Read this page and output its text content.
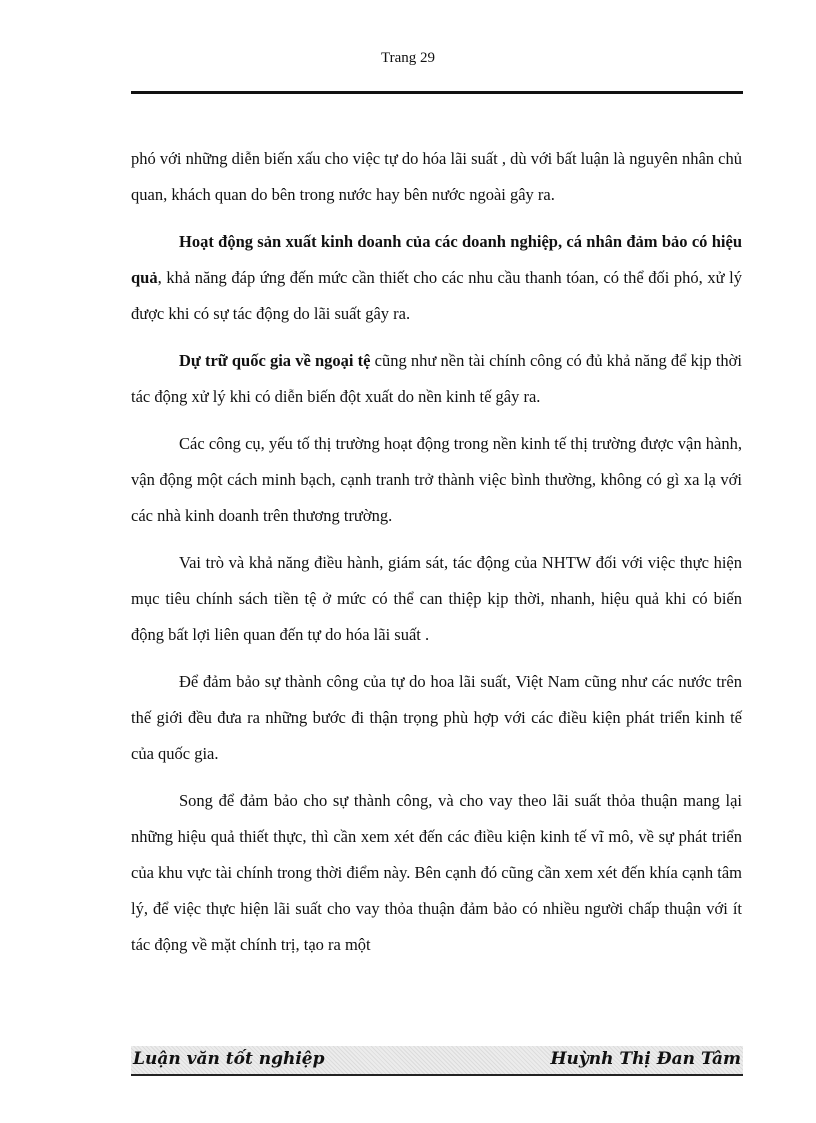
Trang 29

phó với những diễn biến xấu cho việc tự do hóa lãi suất , dù với bất luận là nguyên nhân chủ quan, khách quan do bên trong nước hay bên nước ngoài gây ra.

Hoạt động sản xuất kinh doanh của các doanh nghiệp, cá nhân đảm bảo có hiệu quả, khả năng đáp ứng đến mức cần thiết cho các nhu cầu thanh tóan, có thể đối phó, xử lý được khi có sự tác động do lãi suất gây ra.

Dự trữ quốc gia về ngoại tệ cũng như nền tài chính công có đủ khả năng để kịp thời tác động xử lý khi có diễn biến đột xuất do nền kinh tế gây ra.

Các công cụ, yếu tố thị trường hoạt động trong nền kinh tế thị trường được vận hành, vận động một cách minh bạch, cạnh tranh trở thành việc bình thường, không có gì xa lạ với các nhà kinh doanh trên thương trường.

Vai trò và khả năng điều hành, giám sát, tác động của NHTW đối với việc thực hiện mục tiêu chính sách tiền tệ ở mức có thể can thiệp kịp thời, nhanh, hiệu quả khi có biến động bất lợi liên quan đến tự do hóa lãi suất .

Để đảm bảo sự thành công của tự do hoa lãi suất, Việt Nam cũng như các nước trên thế giới đều đưa ra những bước đi thận trọng phù hợp với các điều kiện phát triển kinh tế của quốc gia.

Song để đảm bảo cho sự thành công, và cho vay theo lãi suất thỏa thuận mang lại những hiệu quả thiết thực, thì cần xem xét đến các điều kiện kinh tế vĩ mô, về sự phát triển của khu vực tài chính trong thời điểm này. Bên cạnh đó cũng cần xem xét đến khía cạnh tâm lý, để việc thực hiện lãi suất cho vay thỏa thuận đảm bảo có nhiều người chấp thuận với ít tác động về mặt chính trị, tạo ra một

Luận văn tốt nghiệp	Huỳnh Thị Đan Tâm
